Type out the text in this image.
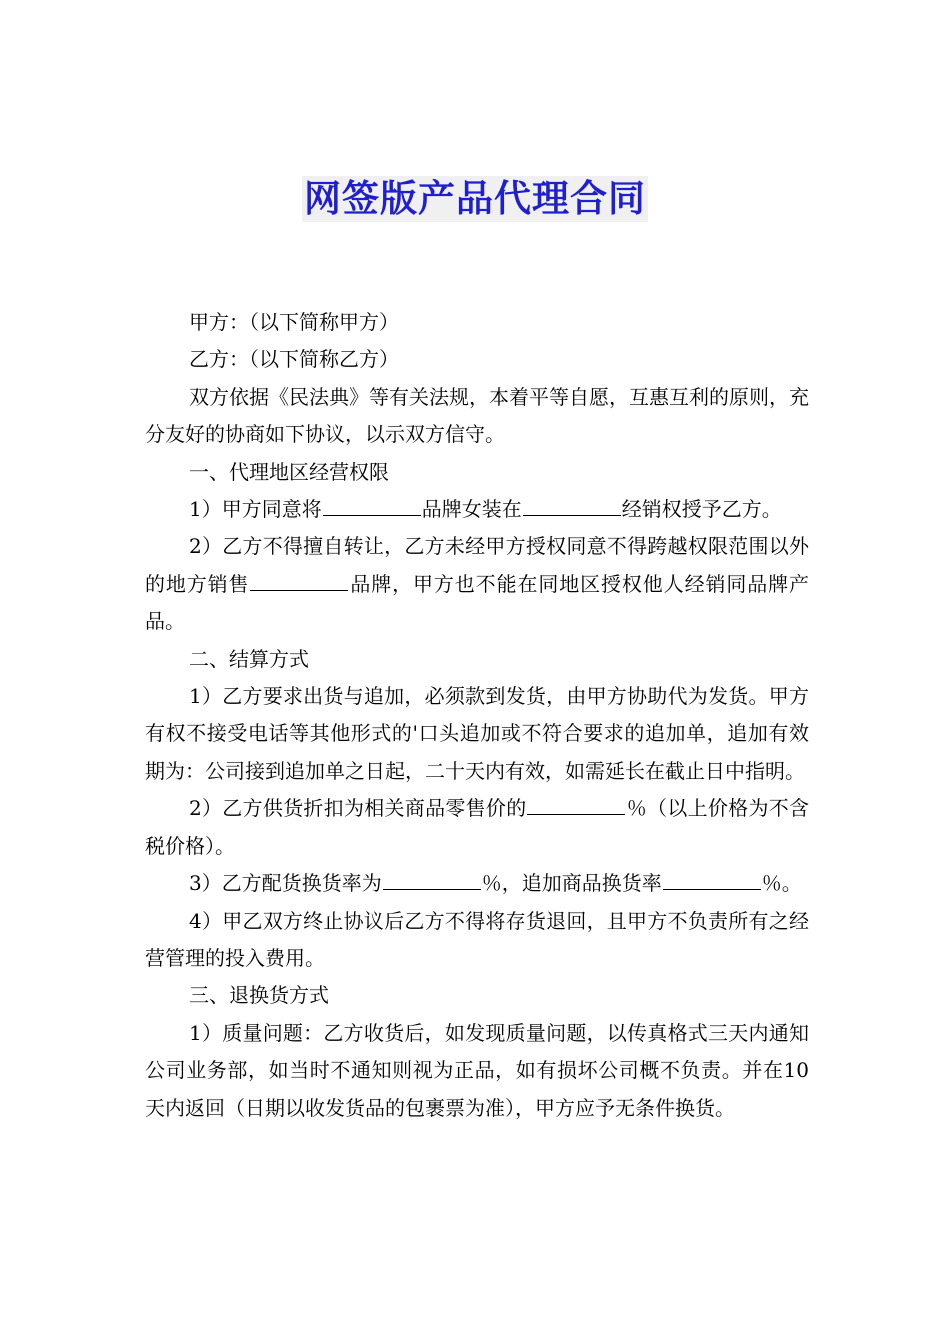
网签版产品代理合同

甲方：（以下简称甲方）

乙方：（以下简称乙方）

双方依据《民法典》等有关法规，本着平等自愿，互惠互利的原则，充分友好的协商如下协议，以示双方信守。

一、代理地区经营权限

1）甲方同意将	品牌女装在	经销权授予乙方。

2）乙方不得擅自转让，乙方未经甲方授权同意不得跨越权限范围以外的地方销售	品牌，甲方也不能在同地区授权他人经销同品牌产品。

二、结算方式

1）乙方要求出货与追加，必须款到发货，由甲方协助代为发货。甲方有权不接受电话等其他形式的'口头追加或不符合要求的追加单，追加有效期为：公司接到追加单之日起，二十天内有效，如需延长在截止日中指明。

2）乙方供货折扣为相关商品零售价的	％（以上价格为不含税价格）。

3）乙方配货换货率为	％，追加商品换货率	％。

4）甲乙双方终止协议后乙方不得将存货退回，且甲方不负责所有之经营管理的投入费用。

三、退换货方式

1）质量问题：乙方收货后，如发现质量问题，以传真格式三天内通知公司业务部，如当时不通知则视为正品，如有损坏公司概不负责。并在10天内返回（日期以收发货品的包裹票为准），甲方应予无条件换货。
